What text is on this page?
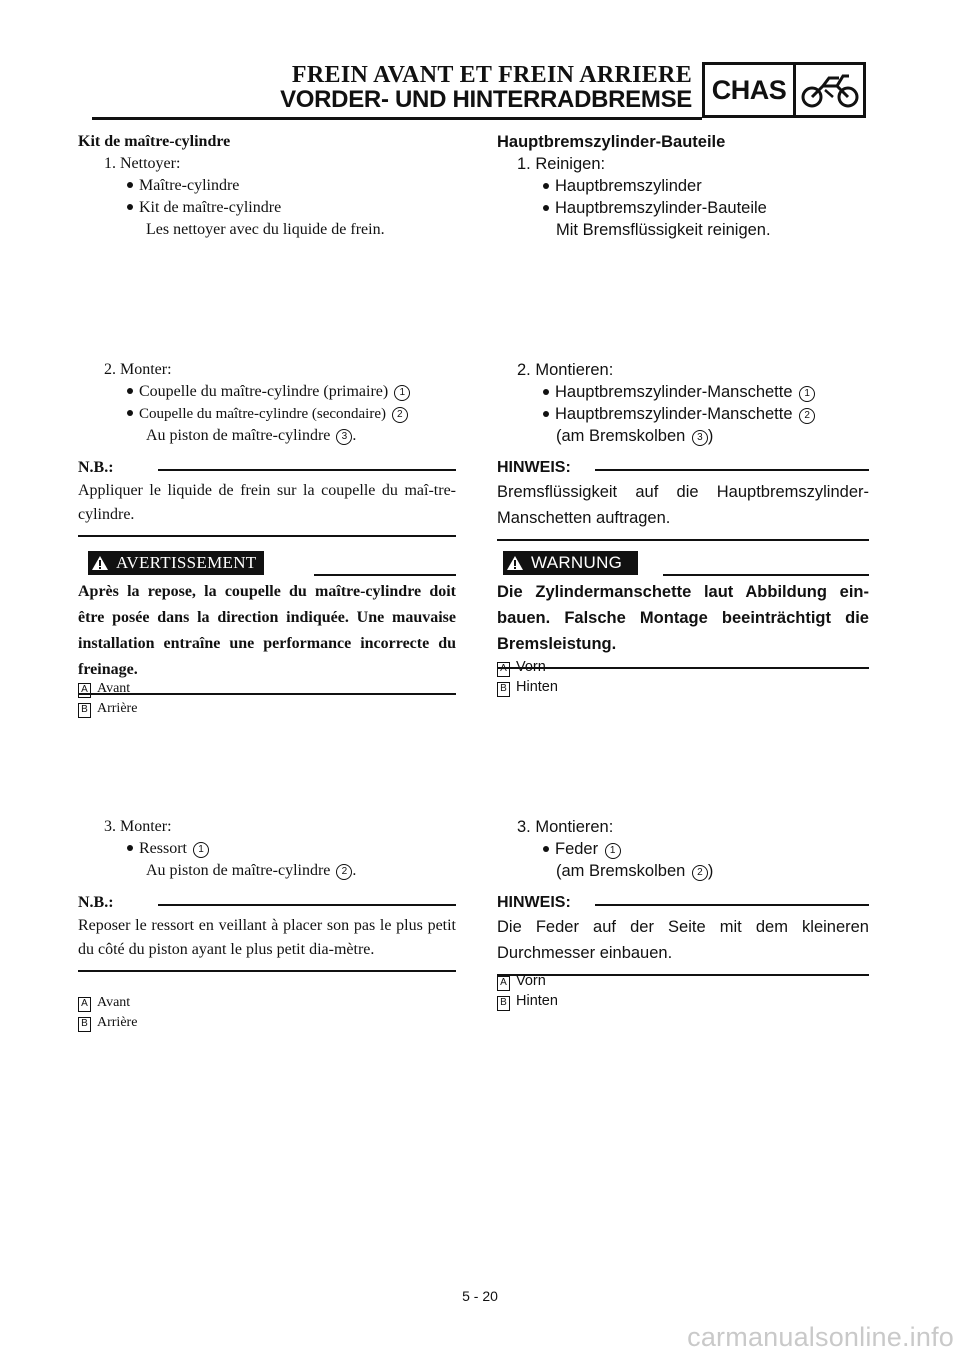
FREIN AVANT ET FREIN ARRIERE
VORDER- UND HINTERRADBREMSE CHAS
Kit de maître-cylindre
1. Nettoyer:
Maître-cylindre
Kit de maître-cylindre
Les nettoyer avec du liquide de frein.
2. Monter:
Coupelle du maître-cylindre (primaire) 1
Coupelle du maître-cylindre (secondaire) 2
Au piston de maître-cylindre 3 .
N.B.:
Appliquer le liquide de frein sur la coupelle du maî-tre-cylindre.
AVERTISSEMENT
Après la repose, la coupelle du maître-cylindre doit être posée dans la direction indiquée. Une mauvaise installation entraîne une performance incorrecte du freinage.
A Avant
B Arrière
3. Monter:
Ressort 1
Au piston de maître-cylindre 2 .
N.B.:
Reposer le ressort en veillant à placer son pas le plus petit du côté du piston ayant le plus petit dia-mètre.
A Avant
B Arrière
Hauptbremszylinder-Bauteile
1. Reinigen:
Hauptbremszylinder
Hauptbremszylinder-Bauteile
Mit Bremsflüssigkeit reinigen.
2. Montieren:
Hauptbremszylinder-Manschette 1
Hauptbremszylinder-Manschette 2
(am Bremskolben 3 )
HINWEIS:
Bremsflüssigkeit auf die Hauptbremszylinder-Manschetten auftragen.
WARNUNG
Die Zylindermanschette laut Abbildung ein-bauen. Falsche Montage beeinträchtigt die Bremsleistung.
A Vorn
B Hinten
3. Montieren:
Feder 1
(am Bremskolben 2 )
HINWEIS:
Die Feder auf der Seite mit dem kleineren Durchmesser einbauen.
A Vorn
B Hinten
5 - 20
carmanualsonline.info
